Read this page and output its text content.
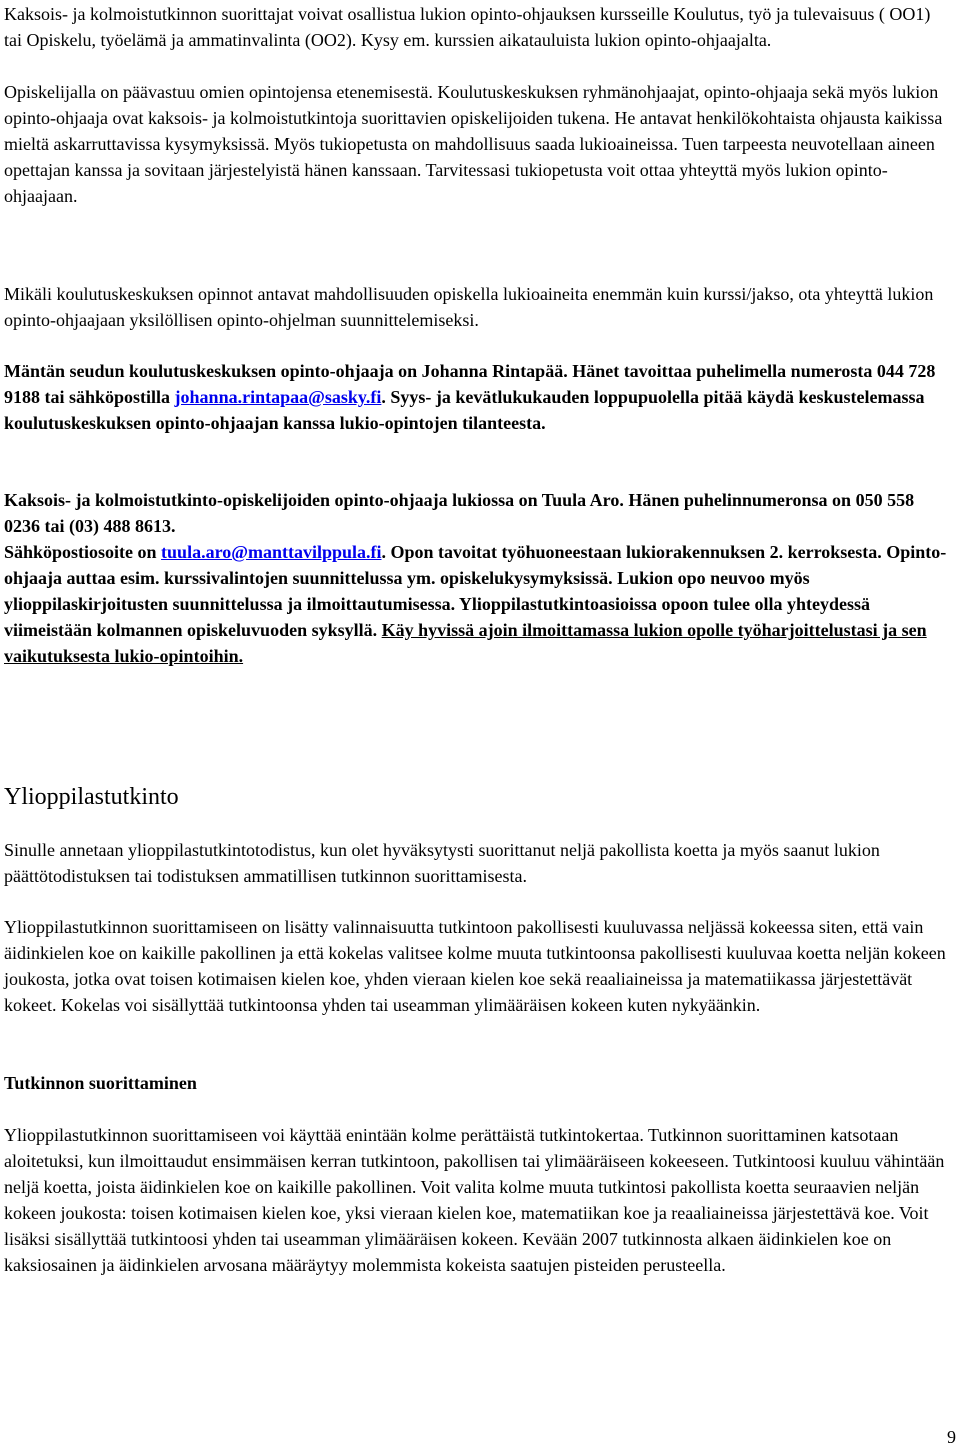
Kaksois- ja kolmoistutkinnon suorittajat voivat osallistua lukion opinto-ohjauksen kursseille Koulutus, työ ja tulevaisuus ( OO1) tai Opiskelu, työelämä ja ammatinvalinta (OO2). Kysy em. kurssien aikatauluista lukion opinto-ohjaajalta.

Opiskelijalla on päävastuu omien opintojensa etenemisestä. Koulutuskeskuksen ryhmänohjaajat, opinto-ohjaaja sekä myös lukion opinto-ohjaaja ovat kaksois- ja kolmoistutkintoja suorittavien opiskelijoiden tukena. He antavat henkilökohtaista ohjausta kaikissa mieltä askarruttavissa kysymyksissä. Myös tukiopetusta on mahdollisuus saada lukioaineissa. Tuen tarpeesta neuvotellaan aineen opettajan kanssa ja sovitaan järjestelyistä hänen kanssaan. Tarvitessasi tukiopetusta voit ottaa yhteyttä myös lukion opinto-ohjaajaan.

Mikäli koulutuskeskuksen opinnot antavat mahdollisuuden opiskella lukioaineita enemmän kuin kurssi/jakso, ota yhteyttä lukion opinto-ohjaajaan yksilöllisen opinto-ohjelman suunnittelemiseksi.

Mäntän seudun koulutuskeskuksen opinto-ohjaaja on Johanna Rintapää. Hänet tavoittaa puhelimella numerosta 044 728 9188 tai sähköpostilla johanna.rintapaa@sasky.fi. Syys- ja kevätlukukauden loppupuolella pitää käydä keskustelemassa koulutuskeskuksen opinto-ohjaajan kanssa lukio-opintojen tilanteesta.

Kaksois- ja kolmoistutkinto-opiskelijoiden opinto-ohjaaja lukiossa on Tuula Aro. Hänen puhelinnumeronsa on 050 558 0236 tai (03) 488 8613.
Sähköpostiosoite on tuula.aro@manttavilppula.fi. Opon tavoitat työhuoneestaan lukiorakennuksen 2. kerroksesta. Opinto-ohjaaja auttaa esim. kurssivalintojen suunnittelussa ym. opiskelukysymyksissä. Lukion opo neuvoo myös ylioppilaskirjoitusten suunnittelussa ja ilmoittautumisessa. Ylioppilastutkintoasioissa opoon tulee olla yhteydessä viimeistään kolmannen opiskeluvuoden syksyllä. Käy hyvissä ajoin ilmoittamassa lukion opolle työharjoittelustasi ja sen vaikutuksesta lukio-opintoihin.

Ylioppilastutkinto

Sinulle annetaan ylioppilastutkintotodistus, kun olet hyväksytysti suorittanut neljä pakollista koetta ja myös saanut lukion päättötodistuksen tai todistuksen ammatillisen tutkinnon suorittamisesta.

Ylioppilastutkinnon suorittamiseen on lisätty valinnaisuutta tutkintoon pakollisesti kuuluvassa neljässä kokeessa siten, että vain äidinkielen koe on kaikille pakollinen ja että kokelas valitsee kolme muuta tutkintoonsa pakollisesti kuuluvaa koetta neljän kokeen joukosta, jotka ovat toisen kotimaisen kielen koe, yhden vieraan kielen koe sekä reaaliaineissa ja matematiikassa järjestettävät kokeet. Kokelas voi sisällyttää tutkintoonsa yhden tai useamman ylimääräisen kokeen kuten nykyäänkin.

Tutkinnon suorittaminen

Ylioppilastutkinnon suorittamiseen voi käyttää enintään kolme perättäistä tutkintokertaa. Tutkinnon suorittaminen katsotaan aloitetuksi, kun ilmoittaudut ensimmäisen kerran tutkintoon, pakollisen tai ylimääräiseen kokeeseen. Tutkintoosi kuuluu vähintään neljä koetta, joista äidinkielen koe on kaikille pakollinen. Voit valita kolme muuta tutkintosi pakollista koetta seuraavien neljän kokeen joukosta: toisen kotimaisen kielen koe, yksi vieraan kielen koe, matematiikan koe ja reaaliaineissa järjestettävä koe. Voit lisäksi sisällyttää tutkintoosi yhden tai useamman ylimääräisen kokeen. Kevään 2007 tutkinnosta alkaen äidinkielen koe on kaksiosainen ja äidinkielen arvosana määräytyy molemmista kokeista saatujen pisteiden perusteella.

9
